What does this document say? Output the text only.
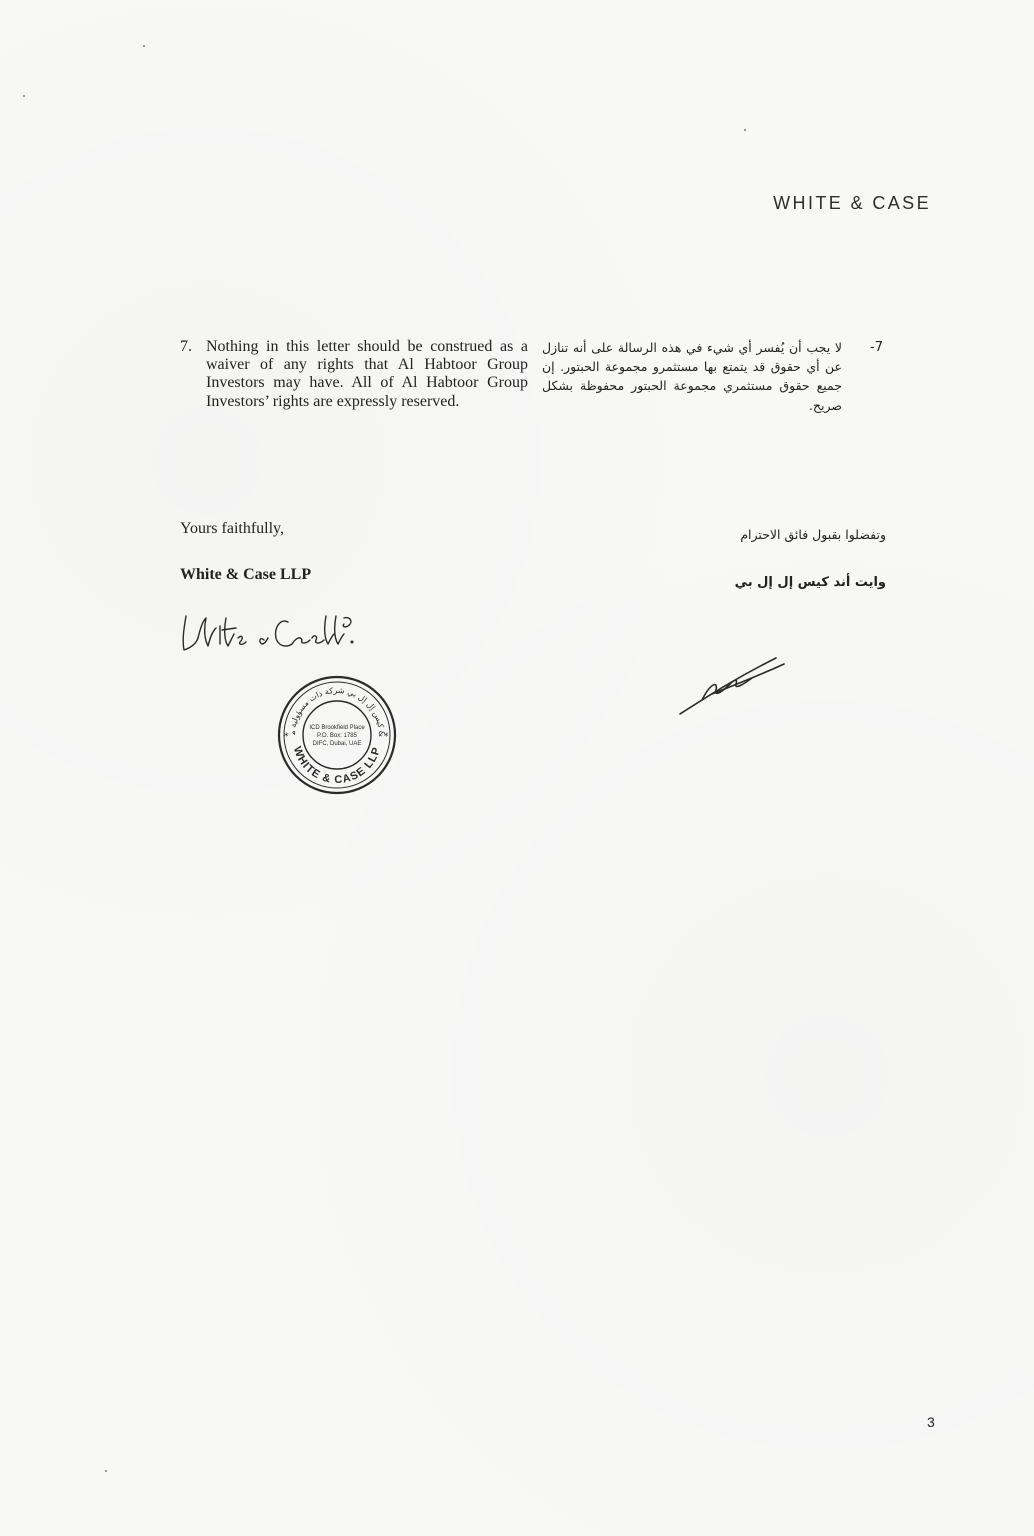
WHITE & CASE
7. Nothing in this letter should be construed as a waiver of any rights that Al Habtoor Group Investors may have. All of Al Habtoor Group Investors’ rights are expressly reserved.
لا يجب أن يُفسر أي شيء في هذه الرسالة على أنه تنازل عن أي حقوق قد يتمتع بها مستثمرو مجموعة الحبتور. إن جميع حقوق مستثمري مجموعة الحبتور محفوظة بشكل صريح.
-7
Yours faithfully,
White & Case LLP
وتفضلوا بقبول فائق الاحترام
وايت أند كيس إل إل بي
& كيس إل إل بي شركة ذات مسؤولية م
WHITE & CASE LLP
*	*
ICD Brookfield Place
P.O. Box: 1785
DIFC, Dubai, UAE
3
